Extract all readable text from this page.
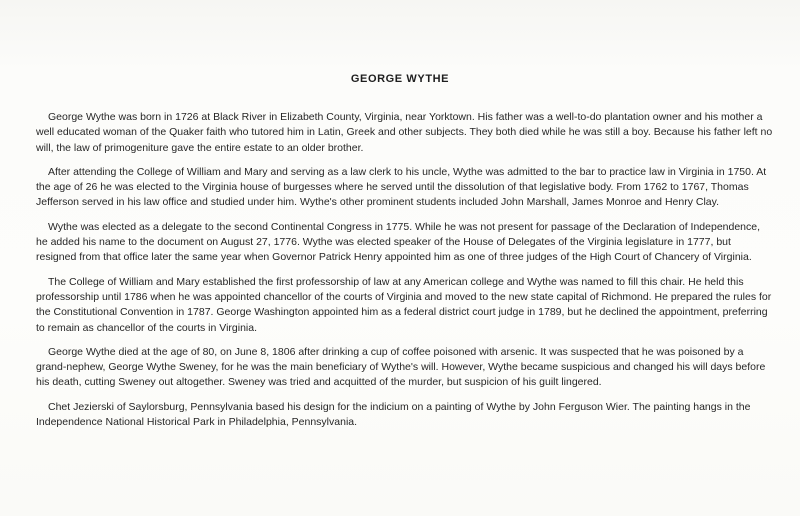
GEORGE WYTHE

George Wythe was born in 1726 at Black River in Elizabeth County, Virginia, near Yorktown. His father was a well-to-do plantation owner and his mother a well educated woman of the Quaker faith who tutored him in Latin, Greek and other subjects. They both died while he was still a boy. Because his father left no will, the law of primogeniture gave the entire estate to an older brother.

After attending the College of William and Mary and serving as a law clerk to his uncle, Wythe was admitted to the bar to practice law in Virginia in 1750. At the age of 26 he was elected to the Virginia house of burgesses where he served until the dissolution of that legislative body. From 1762 to 1767, Thomas Jefferson served in his law office and studied under him. Wythe's other prominent students included John Marshall, James Monroe and Henry Clay.

Wythe was elected as a delegate to the second Continental Congress in 1775. While he was not present for passage of the Declaration of Independence, he added his name to the document on August 27, 1776. Wythe was elected speaker of the House of Delegates of the Virginia legislature in 1777, but resigned from that office later the same year when Governor Patrick Henry appointed him as one of three judges of the High Court of Chancery of Virginia.

The College of William and Mary established the first professorship of law at any American college and Wythe was named to fill this chair. He held this professorship until 1786 when he was appointed chancellor of the courts of Virginia and moved to the new state capital of Richmond. He prepared the rules for the Constitutional Convention in 1787. George Washington appointed him as a federal district court judge in 1789, but he declined the appointment, preferring to remain as chancellor of the courts in Virginia.

George Wythe died at the age of 80, on June 8, 1806 after drinking a cup of coffee poisoned with arsenic. It was suspected that he was poisoned by a grand-nephew, George Wythe Sweney, for he was the main beneficiary of Wythe's will. However, Wythe became suspicious and changed his will days before his death, cutting Sweney out altogether. Sweney was tried and acquitted of the murder, but suspicion of his guilt lingered.

Chet Jezierski of Saylorsburg, Pennsylvania based his design for the indicium on a painting of Wythe by John Ferguson Wier. The painting hangs in the Independence National Historical Park in Philadelphia, Pennsylvania.
